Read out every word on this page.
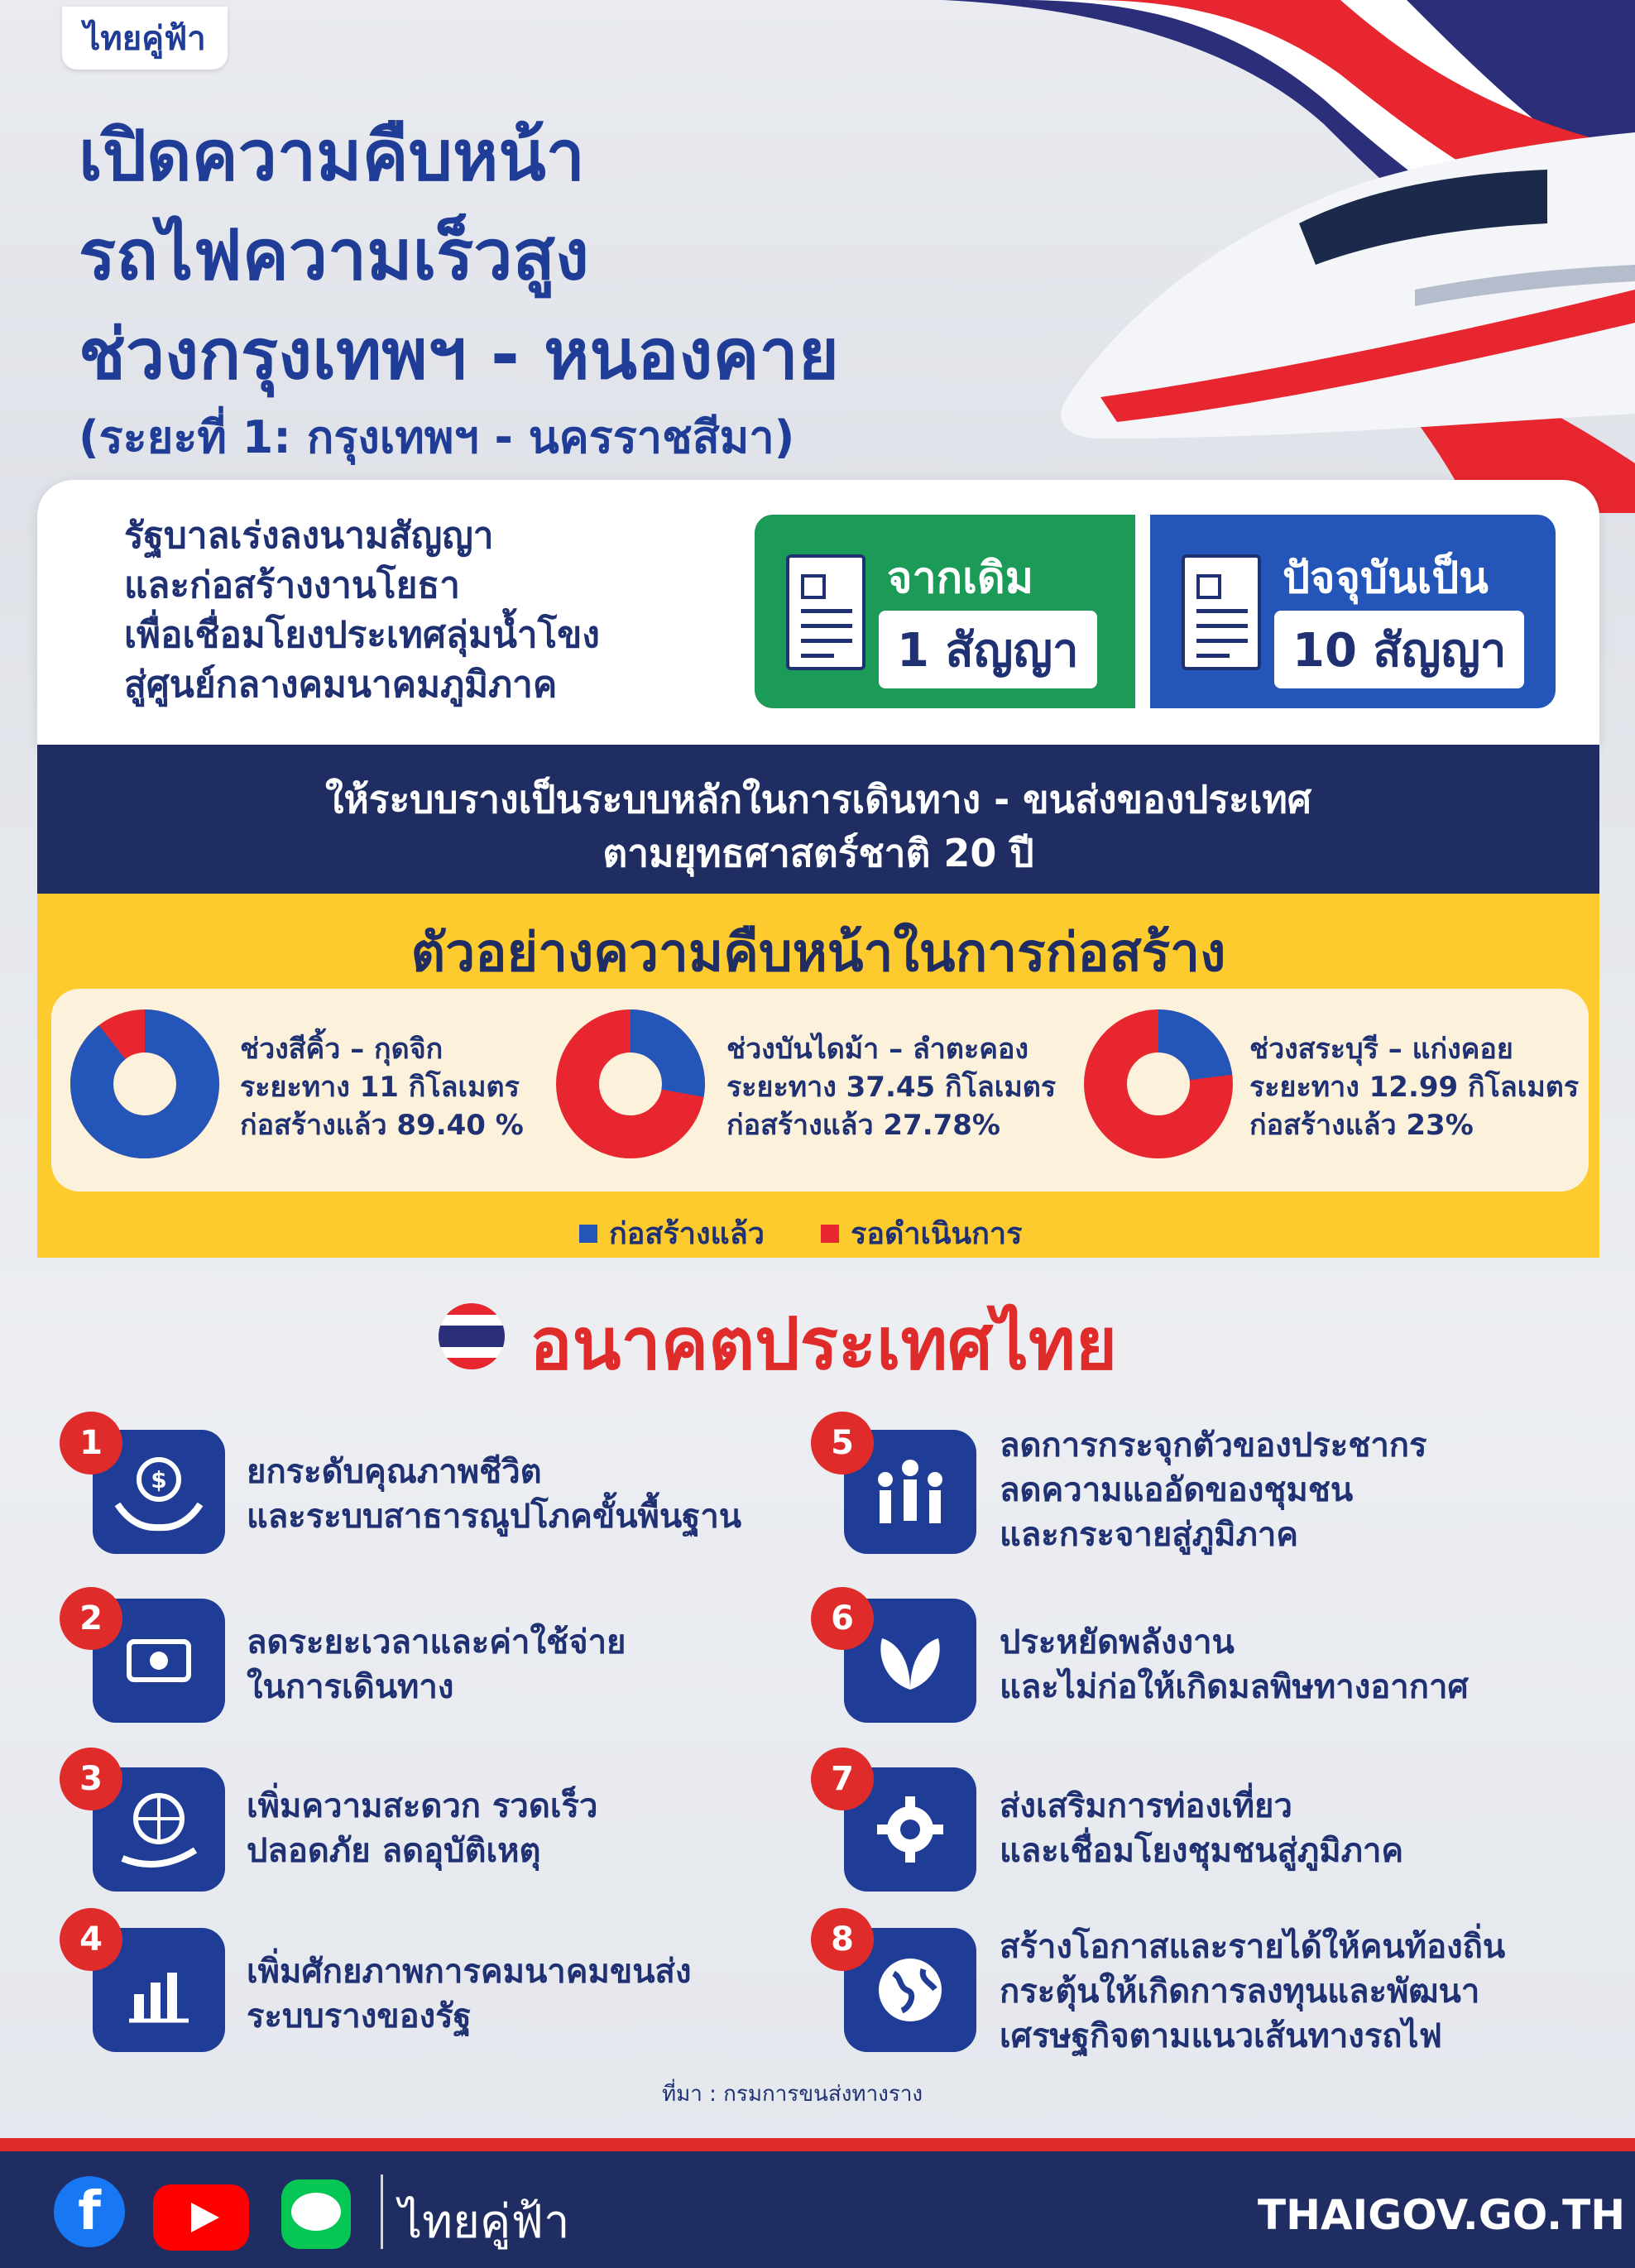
ไทยคู่ฟ้า
เปิดความคืบหน้า
รถไฟความเร็วสูง
ช่วงกรุงเทพฯ - หนองคาย
(ระยะที่ 1: กรุงเทพฯ - นครราชสีมา)
รัฐบาลเร่งลงนามสัญญา
และก่อสร้างงานโยธา
เพื่อเชื่อมโยงประเทศลุ่มน้ำโขง
สู่ศูนย์กลางคมนาคมภูมิภาค
จากเดิม
1 สัญญา
ปัจจุบันเป็น
10 สัญญา
ให้ระบบรางเป็นระบบหลักในการเดินทาง - ขนส่งของประเทศ
ตามยุทธศาสตร์ชาติ 20 ปี
ตัวอย่างความคืบหน้าในการก่อสร้าง
ช่วงสีคิ้ว – กุดจิก
ระยะทาง 11 กิโลเมตร
ก่อสร้างแล้ว 89.40 %
ช่วงบันไดม้า – ลำตะคอง
ระยะทาง 37.45 กิโลเมตร
ก่อสร้างแล้ว 27.78%
ช่วงสระบุรี – แก่งคอย
ระยะทาง 12.99 กิโลเมตร
ก่อสร้างแล้ว 23%
ก่อสร้างแล้ว	รอดำเนินการ
อนาคตประเทศไทย
$
1
ยกระดับคุณภาพชีวิต
และระบบสาธารณูปโภคขั้นพื้นฐาน
2
ลดระยะเวลาและค่าใช้จ่าย
ในการเดินทาง
3
เพิ่มความสะดวก รวดเร็ว
ปลอดภัย ลดอุบัติเหตุ
4
เพิ่มศักยภาพการคมนาคมขนส่ง
ระบบรางของรัฐ
5	ลดการกระจุกตัวของประชากร
ลดความแออัดของชุมชน
และกระจายสู่ภูมิภาค
6
ประหยัดพลังงาน
และไม่ก่อให้เกิดมลพิษทางอากาศ
7
ส่งเสริมการท่องเที่ยว
และเชื่อมโยงชุมชนสู่ภูมิภาค
8	สร้างโอกาสและรายได้ให้คนท้องถิ่น
กระตุ้นให้เกิดการลงทุนและพัฒนา
เศรษฐกิจตามแนวเส้นทางรถไฟ
ที่มา : กรมการขนส่งทางราง
f	ไทยคู่ฟ้า	THAIGOV.GO.TH
